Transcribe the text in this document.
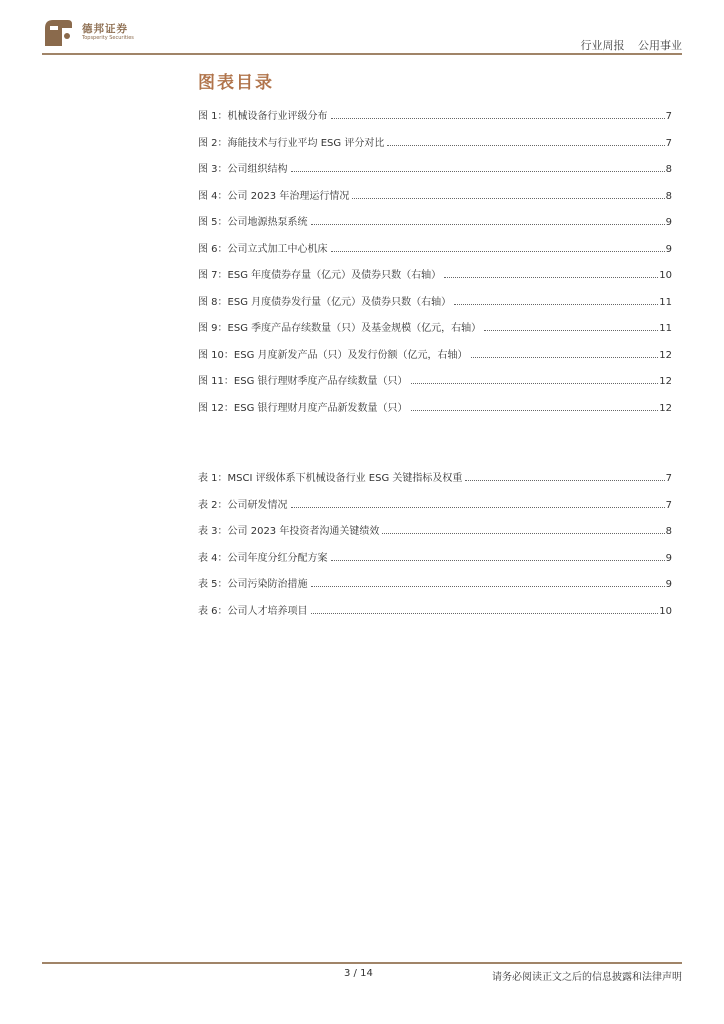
德邦证券
Topsperity Securities
行业周报 公用事业
图表目录
图 1：机械设备行业评级分布	7
图 2：海能技术与行业平均 ESG 评分对比	7
图 3：公司组织结构	8
图 4：公司 2023 年治理运行情况	8
图 5：公司地源热泵系统	9
图 6：公司立式加工中心机床	9
图 7：ESG 年度债券存量（亿元）及债券只数（右轴）	10
图 8：ESG 月度债券发行量（亿元）及债券只数（右轴）	11
图 9：ESG 季度产品存续数量（只）及基金规模（亿元，右轴）	11
图 10：ESG 月度新发产品（只）及发行份额（亿元，右轴）	12
图 11：ESG 银行理财季度产品存续数量（只）	12
图 12：ESG 银行理财月度产品新发数量（只）	12
表 1：MSCI 评级体系下机械设备行业 ESG 关键指标及权重	7
表 2：公司研发情况	7
表 3：公司 2023 年投资者沟通关键绩效	8
表 4：公司年度分红分配方案	9
表 5：公司污染防治措施	9
表 6：公司人才培养项目	10
3 / 14	请务必阅读正文之后的信息披露和法律声明
